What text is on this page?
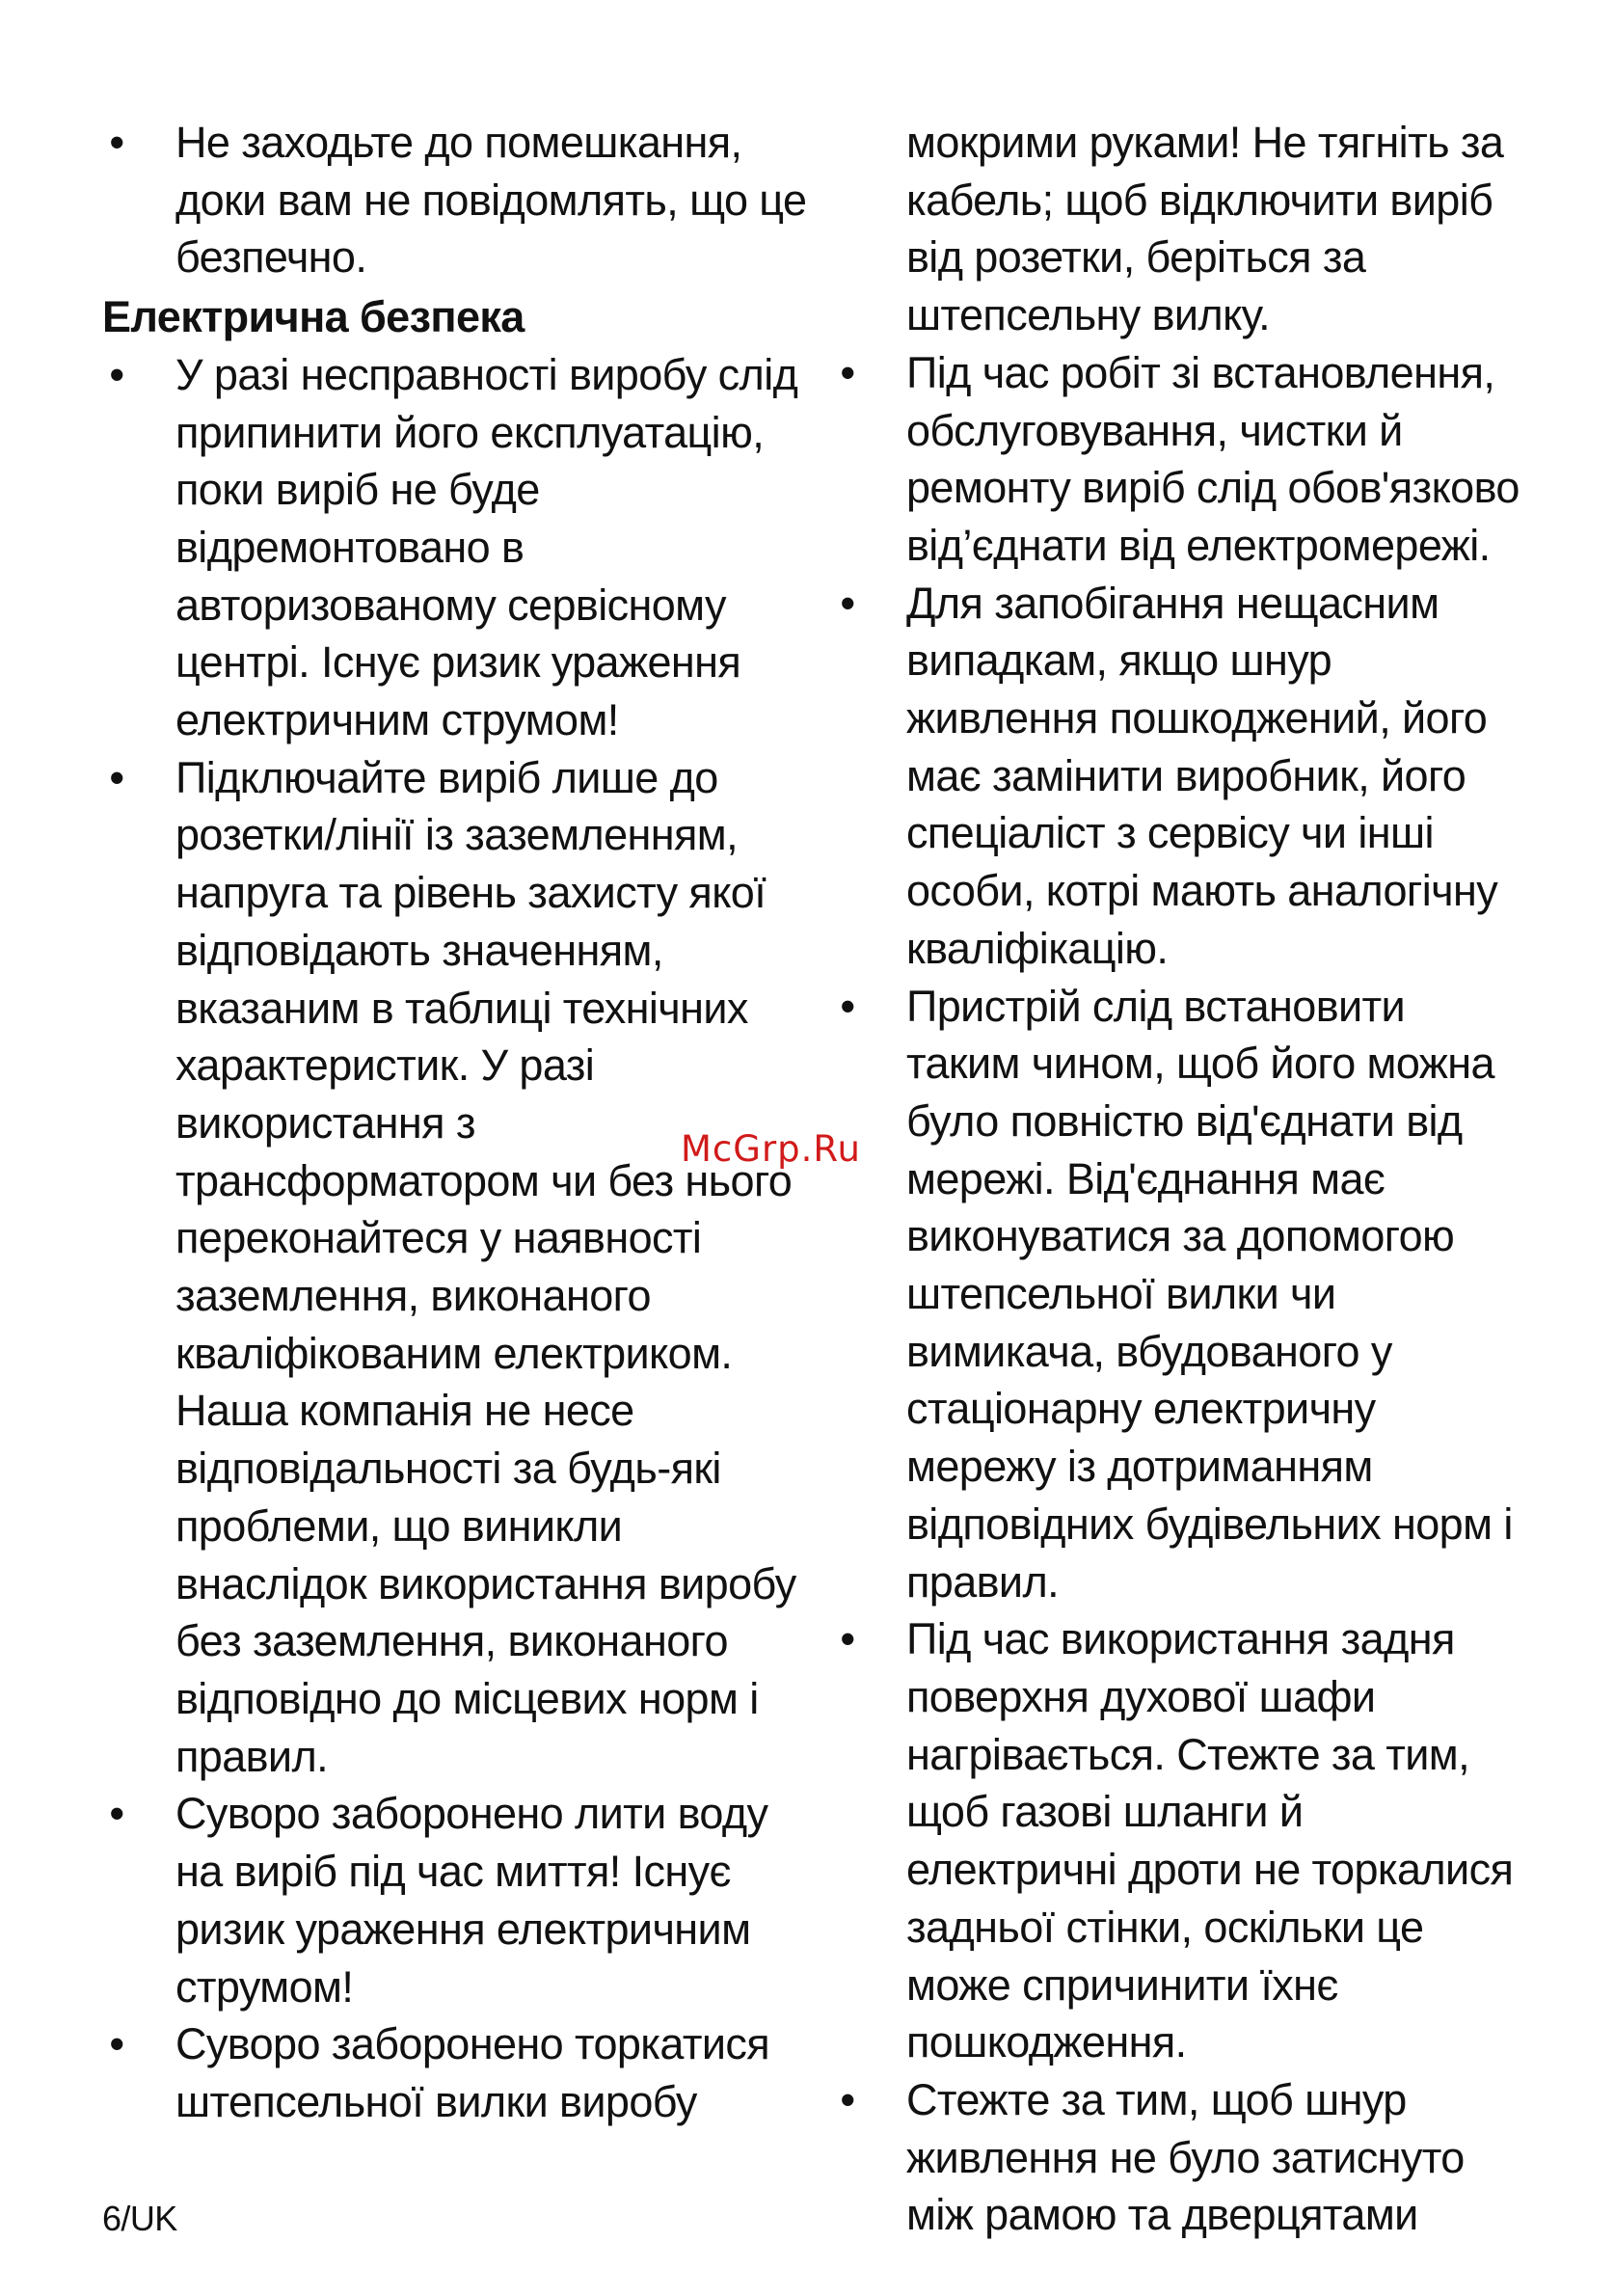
• Не заходьте до помешкання, доки вам не повідомлять, що це безпечно.
Електрична безпека
• У разі несправності виробу слід припинити його експлуатацію, поки виріб не буде відремонтовано в авторизованому сервісному центрі. Існує ризик ураження електричним струмом!
• Підключайте виріб лише до розетки/лінії із заземленням, напруга та рівень захисту якої відповідають значенням, вказаним в таблиці технічних характеристик. У разі використання з трансформатором чи без нього переконайтеся у наявності заземлення, виконаного кваліфікованим електриком. Наша компанія не несе відповідальності за будь-які проблеми, що виникли внаслідок використання виробу без заземлення, виконаного відповідно до місцевих норм і правил.
• Суворо заборонено лити воду на виріб під час миття! Існує ризик ураження електричним струмом!
• Суворо заборонено торкатися штепсельної вилки виробу
мокрими руками! Не тягніть за кабель; щоб відключити виріб від розетки, беріться за штепсельну вилку.
• Під час робіт зі встановлення, обслуговування, чистки й ремонту виріб слід обов'язково від’єднати від електромережі.
• Для запобігання нещасним випадкам, якщо шнур живлення пошкоджений, його має замінити виробник, його спеціаліст з сервісу чи інші особи, котрі мають аналогічну кваліфікацію.
• Пристрій слід встановити таким чином, щоб його можна було повністю від'єднати від мережі. Від'єднання має виконуватися за допомогою штепсельної вилки чи вимикача, вбудованого у стаціонарну електричну мережу із дотриманням відповідних будівельних норм і правил.
• Під час використання задня поверхня духової шафи нагрівається. Стежте за тим, щоб газові шланги й електричні дроти не торкалися задньої стінки, оскільки це може спричинити їхнє пошкодження.
• Стежте за тим, щоб шнур живлення не було затиснуто між рамою та дверцятами
McGrp.Ru
6/UK
